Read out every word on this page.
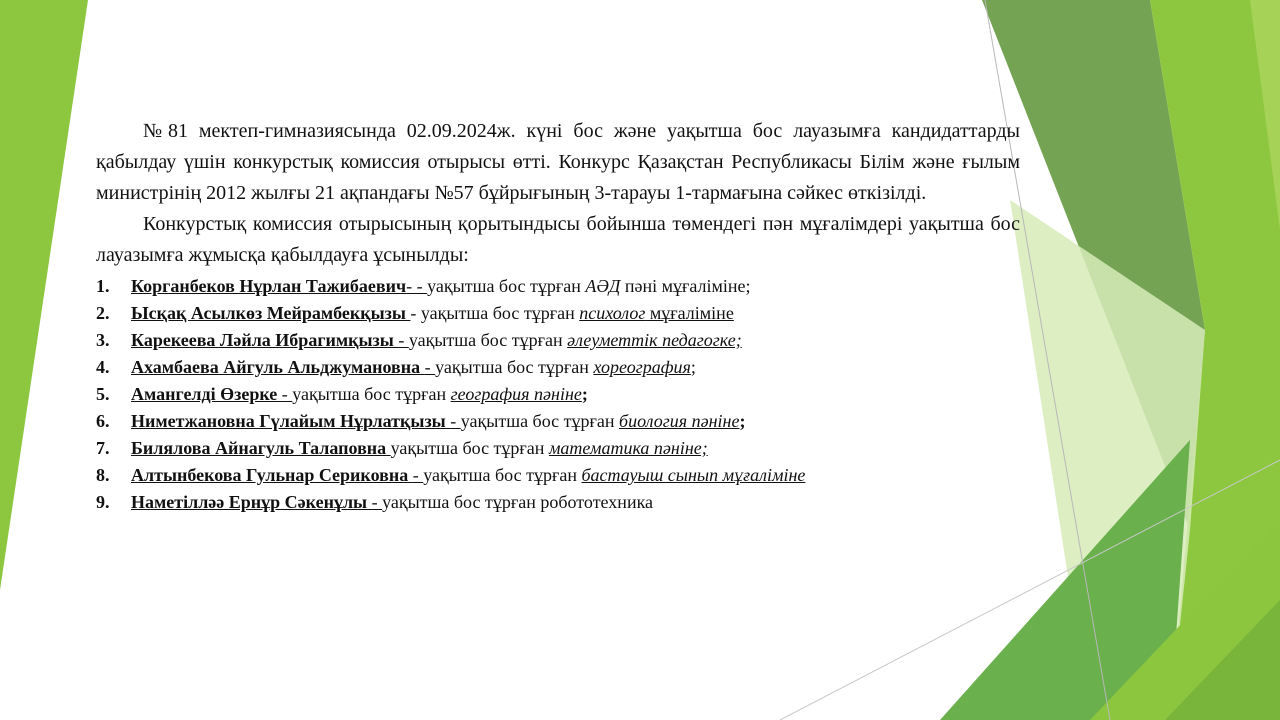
№81 мектеп-гимназиясында 02.09.2024ж. күні бос және уақытша бос лауазымға кандидаттарды қабылдау үшін конкурстық комиссия отырысы өтті. Конкурс Қазақстан Республикасы Білім және ғылым министрінің 2012 жылғы 21 ақпандағы №57 бұйрығының 3-тарауы 1-тармағына сәйкес өткізілді.

Конкурстық комиссия отырысының қорытындысы бойынша төмендегі пән мұғалімдері уақытша бос лауазымға жұмысқа қабылдауға ұсынылды:

1.	Корганбеков Нұрлан Тажибаевич- - уақытша бос тұрған АӘД пәні мұғаліміне;
2.	Ысқақ Асылкөз Мейрамбекқызы - уақытша бос тұрған психолог мұғаліміне
3.	Карекеева Ләйла Ибрагимқызы - уақытша бос тұрған әлеуметтік педагогке;
4.	Ахамбаева Айгуль Альджумановна - уақытша бос тұрған хореография;
5.	Амангелді Өзерке - уақытша бос тұрған география пәніне;
6.	Ниметжановна Гүлайым Нұрлатқызы - уақытша бос тұрған биология пәніне;
7.	Билялова Айнагуль Талаповна уақытша бос тұрған математика пәніне;
8.	Алтынбекова Гульнар Сериковна - уақытша бос тұрған бастауыш сынып мұғаліміне
9.	Наметілләә Ернұр Сәкенұлы - уақытша бос тұрған робототехника
